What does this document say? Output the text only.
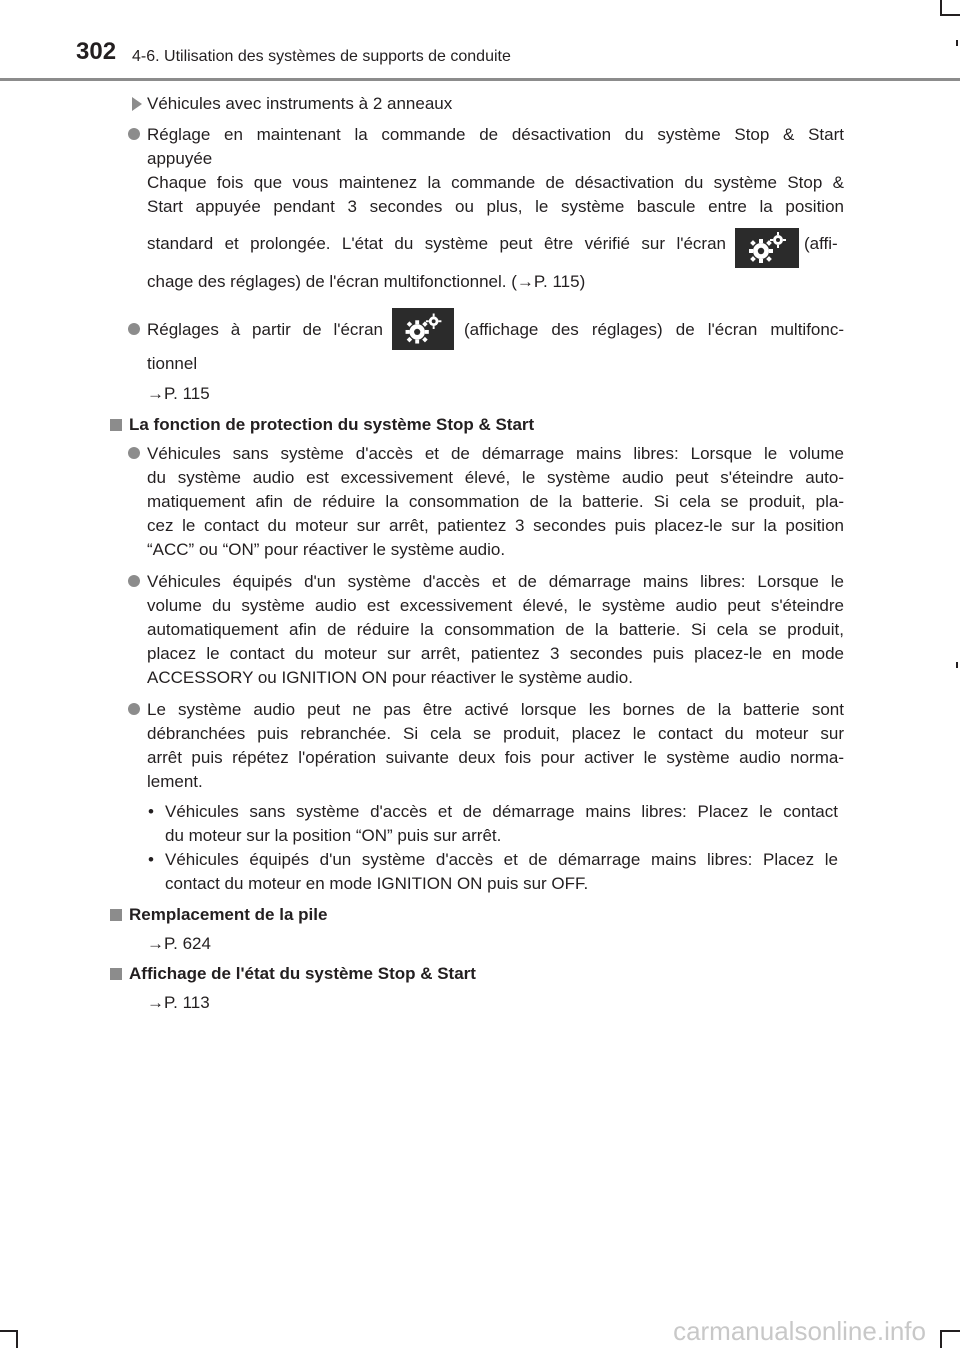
302 4-6. Utilisation des systèmes de supports de conduite
Véhicules avec instruments à 2 anneaux
Réglage en maintenant la commande de désactivation du système Stop & Start
appuyée
Chaque fois que vous maintenez la commande de désactivation du système Stop &
Start appuyée pendant 3 secondes ou plus, le système bascule entre la position
standard et prolongée. L'état du système peut être vérifié sur l'écran	(affi-
chage des réglages) de l'écran multifonctionnel. (→P. 115)
Réglages à partir de l'écran	(affichage des réglages) de l'écran multifonc-
tionnel
→P. 115
La fonction de protection du système Stop & Start
Véhicules sans système d'accès et de démarrage mains libres: Lorsque le volume
du système audio est excessivement élevé, le système audio peut s'éteindre auto-
matiquement afin de réduire la consommation de la batterie. Si cela se produit, pla-
cez le contact du moteur sur arrêt, patientez 3 secondes puis placez-le sur la position
“ACC” ou “ON” pour réactiver le système audio.
Véhicules équipés d'un système d'accès et de démarrage mains libres: Lorsque le
volume du système audio est excessivement élevé, le système audio peut s'éteindre
automatiquement afin de réduire la consommation de la batterie. Si cela se produit,
placez le contact du moteur sur arrêt, patientez 3 secondes puis placez-le en mode
ACCESSORY ou IGNITION ON pour réactiver le système audio.
Le système audio peut ne pas être activé lorsque les bornes de la batterie sont
débranchées puis rebranchée. Si cela se produit, placez le contact du moteur sur
arrêt puis répétez l'opération suivante deux fois pour activer le système audio norma-
lement.
• Véhicules sans système d'accès et de démarrage mains libres: Placez le contact
du moteur sur la position “ON” puis sur arrêt.
• Véhicules équipés d'un système d'accès et de démarrage mains libres: Placez le
contact du moteur en mode IGNITION ON puis sur OFF.
Remplacement de la pile
→P. 624
Affichage de l'état du système Stop & Start
→P. 113
carmanualsonline.info
